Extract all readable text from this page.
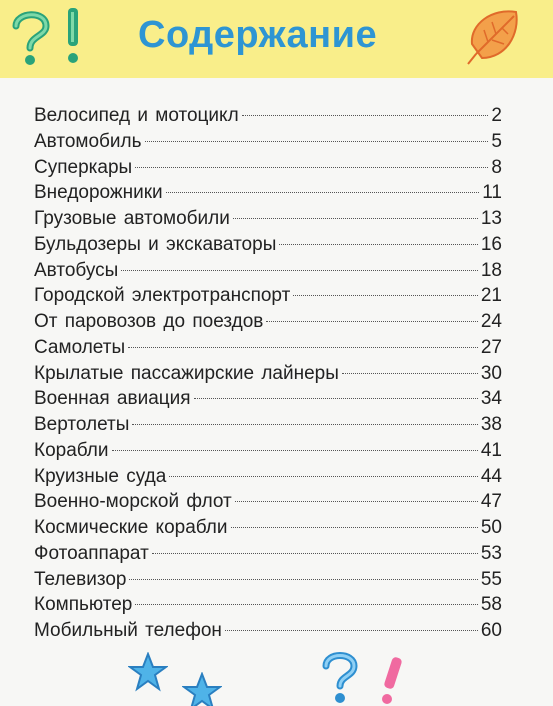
Содержание
Велосипед и мотоцикл	2
Автомобиль	5
Суперкары	8
Внедорожники	11
Грузовые автомобили	13
Бульдозеры и экскаваторы	16
Автобусы	18
Городской электротранспорт	21
От паровозов до поездов	24
Самолеты	27
Крылатые пассажирские лайнеры	30
Военная авиация	34
Вертолеты	38
Корабли	41
Круизные суда	44
Военно-морской флот	47
Космические корабли	50
Фотоаппарат	53
Телевизор	55
Компьютер	58
Мобильный телефон	60
